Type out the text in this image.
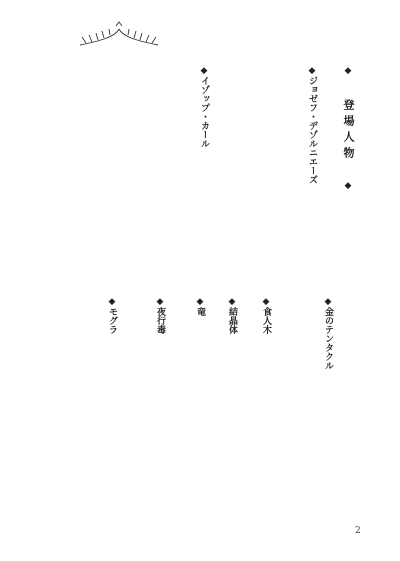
◆ 登場人物 ◆
◆ジョゼフ・デゾルニエーズ
◆イゾップ・カール
◆金のテンタクル
◆食人木
◆結晶体
◆竜
◆夜行毒
◆モグラ
2
